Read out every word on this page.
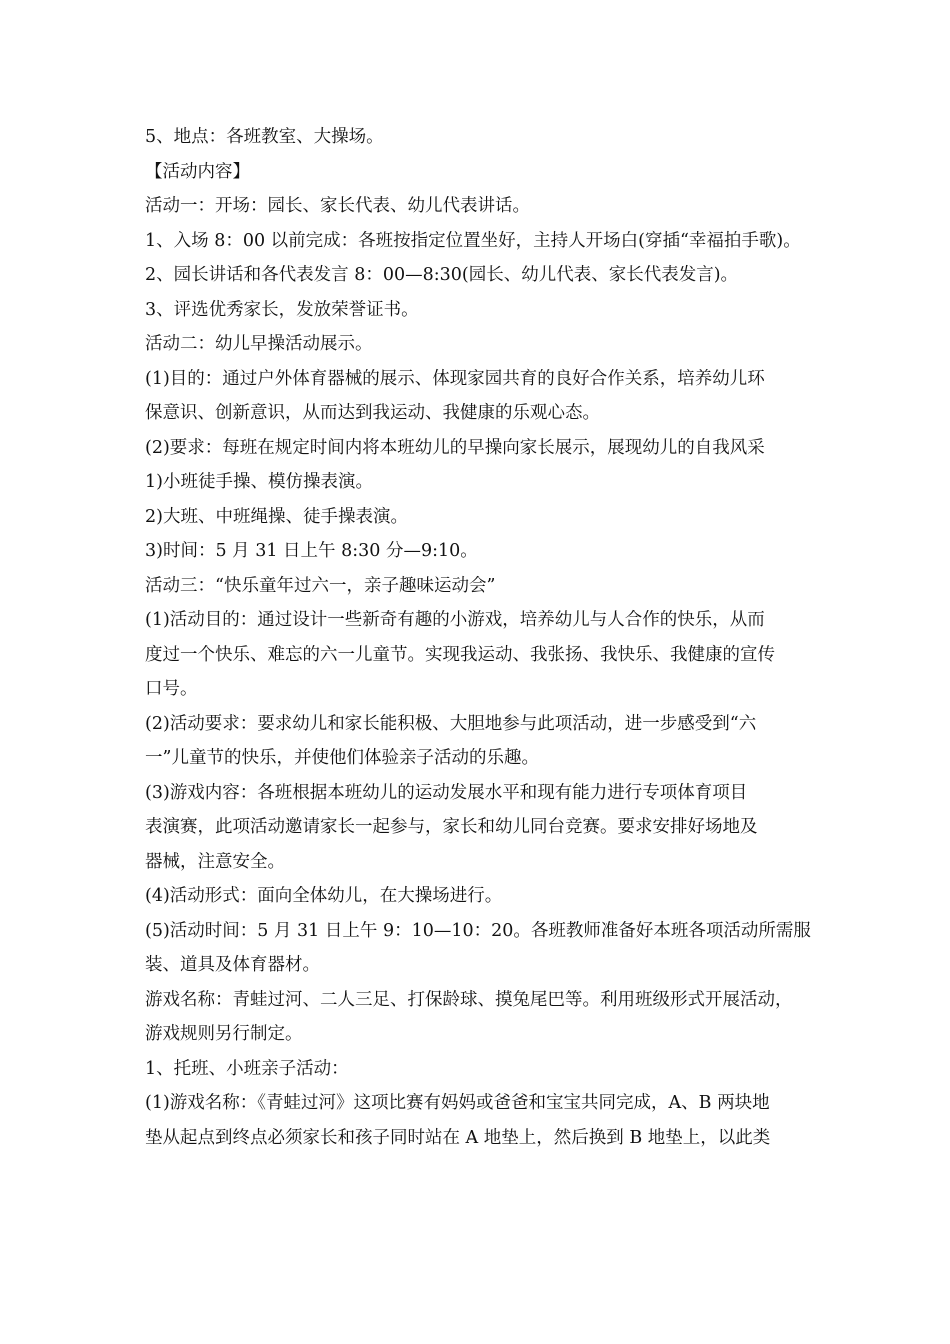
5、地点：各班教室、大操场。

【活动内容】

活动一：开场：园长、家长代表、幼儿代表讲话。

1、入场 8：00 以前完成：各班按指定位置坐好，主持人开场白(穿插“幸福拍手歌)。

2、园长讲话和各代表发言 8：00—8:30(园长、幼儿代表、家长代表发言)。

3、评选优秀家长，发放荣誉证书。

活动二：幼儿早操活动展示。

(1)目的：通过户外体育器械的展示、体现家园共育的良好合作关系，培养幼儿环

保意识、创新意识，从而达到我运动、我健康的乐观心态。

(2)要求：每班在规定时间内将本班幼儿的早操向家长展示，展现幼儿的自我风采

1)小班徒手操、模仿操表演。

2)大班、中班绳操、徒手操表演。

3)时间：5 月 31 日上午 8:30 分—9:10。

活动三：“快乐童年过六一，亲子趣味运动会”

(1)活动目的：通过设计一些新奇有趣的小游戏，培养幼儿与人合作的快乐，从而

度过一个快乐、难忘的六一儿童节。实现我运动、我张扬、我快乐、我健康的宣传

口号。

(2)活动要求：要求幼儿和家长能积极、大胆地参与此项活动，进一步感受到“六

一”儿童节的快乐，并使他们体验亲子活动的乐趣。

(3)游戏内容：各班根据本班幼儿的运动发展水平和现有能力进行专项体育项目

表演赛，此项活动邀请家长一起参与，家长和幼儿同台竞赛。要求安排好场地及

器械，注意安全。

(4)活动形式：面向全体幼儿，在大操场进行。

(5)活动时间：5 月 31 日上午 9：10—10：20。各班教师准备好本班各项活动所需服

装、道具及体育器材。

游戏名称：青蛙过河、二人三足、打保龄球、摸兔尾巴等。利用班级形式开展活动，

游戏规则另行制定。

1、托班、小班亲子活动：

(1)游戏名称：《青蛙过河》这项比赛有妈妈或爸爸和宝宝共同完成，A、B 两块地

垫从起点到终点必须家长和孩子同时站在 A 地垫上，然后换到 B 地垫上，以此类
